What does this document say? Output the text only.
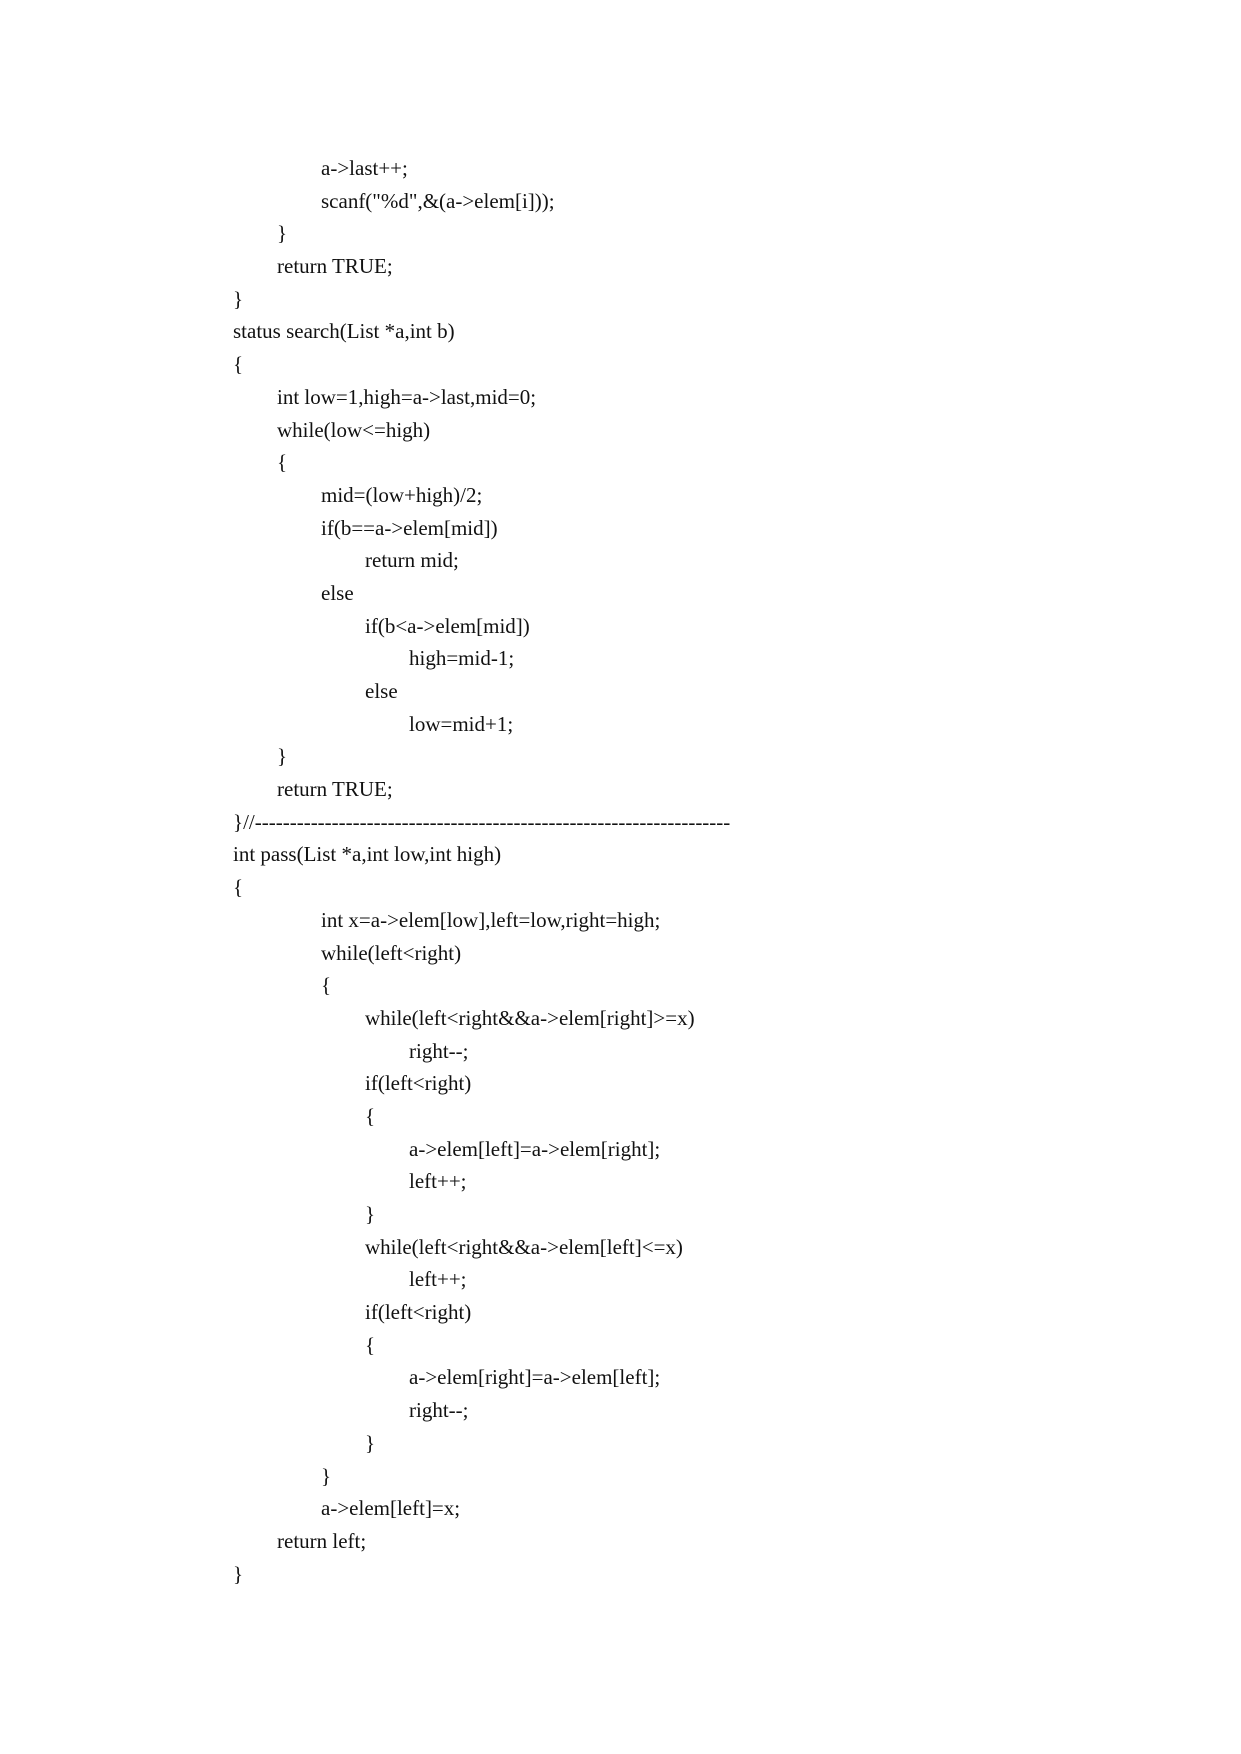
a->last++;
scanf("%d",&(a->elem[i]));
}
return TRUE;
}
status search(List *a,int b)
{
int low=1,high=a->last,mid=0;
while(low<=high)
{
mid=(low+high)/2;
if(b==a->elem[mid])
return mid;
else
if(b<a->elem[mid])
high=mid-1;
else
low=mid+1;
}
return TRUE;
}//--------------------------------------------------------------------
int pass(List *a,int low,int high)
{
int x=a->elem[low],left=low,right=high;
while(left<right)
{
while(left<right&&a->elem[right]>=x)
right--;
if(left<right)
{
a->elem[left]=a->elem[right];
left++;
}
while(left<right&&a->elem[left]<=x)
left++;
if(left<right)
{
a->elem[right]=a->elem[left];
right--;
}
}
a->elem[left]=x;
return left;
}
